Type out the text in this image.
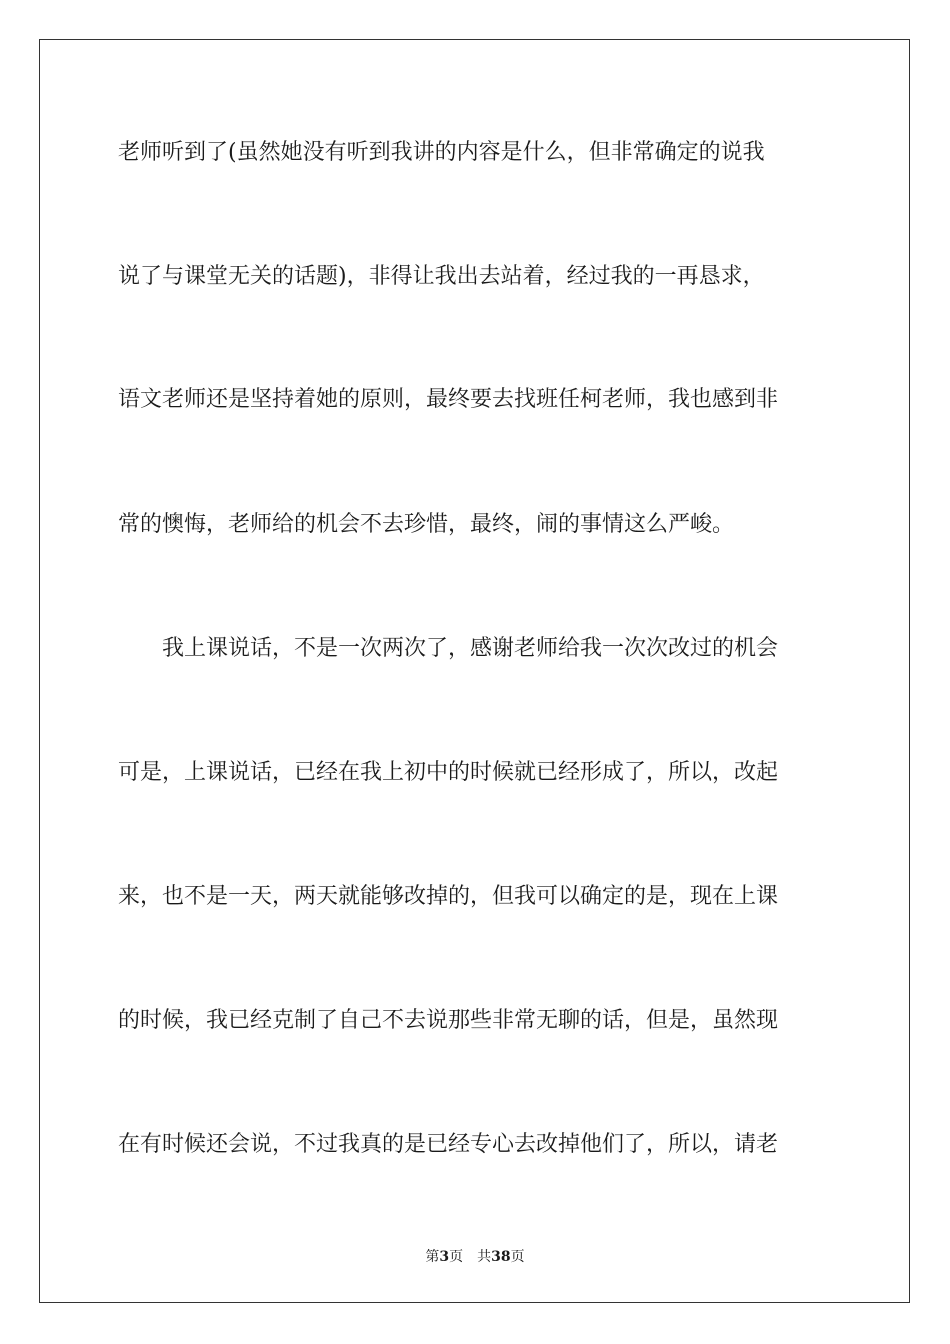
老师听到了(虽然她没有听到我讲的内容是什么，但非常确定的说我
说了与课堂无关的话题)，非得让我出去站着，经过我的一再恳求，
语文老师还是坚持着她的原则，最终要去找班任柯老师，我也感到非
常的懊悔，老师给的机会不去珍惜，最终，闹的事情这么严峻。
我上课说话，不是一次两次了，感谢老师给我一次次改过的机会
可是，上课说话，已经在我上初中的时候就已经形成了，所以，改起
来，也不是一天，两天就能够改掉的，但我可以确定的是，现在上课
的时候，我已经克制了自己不去说那些非常无聊的话，但是，虽然现
在有时候还会说，不过我真的是已经专心去改掉他们了，所以，请老
第3页 共38页
